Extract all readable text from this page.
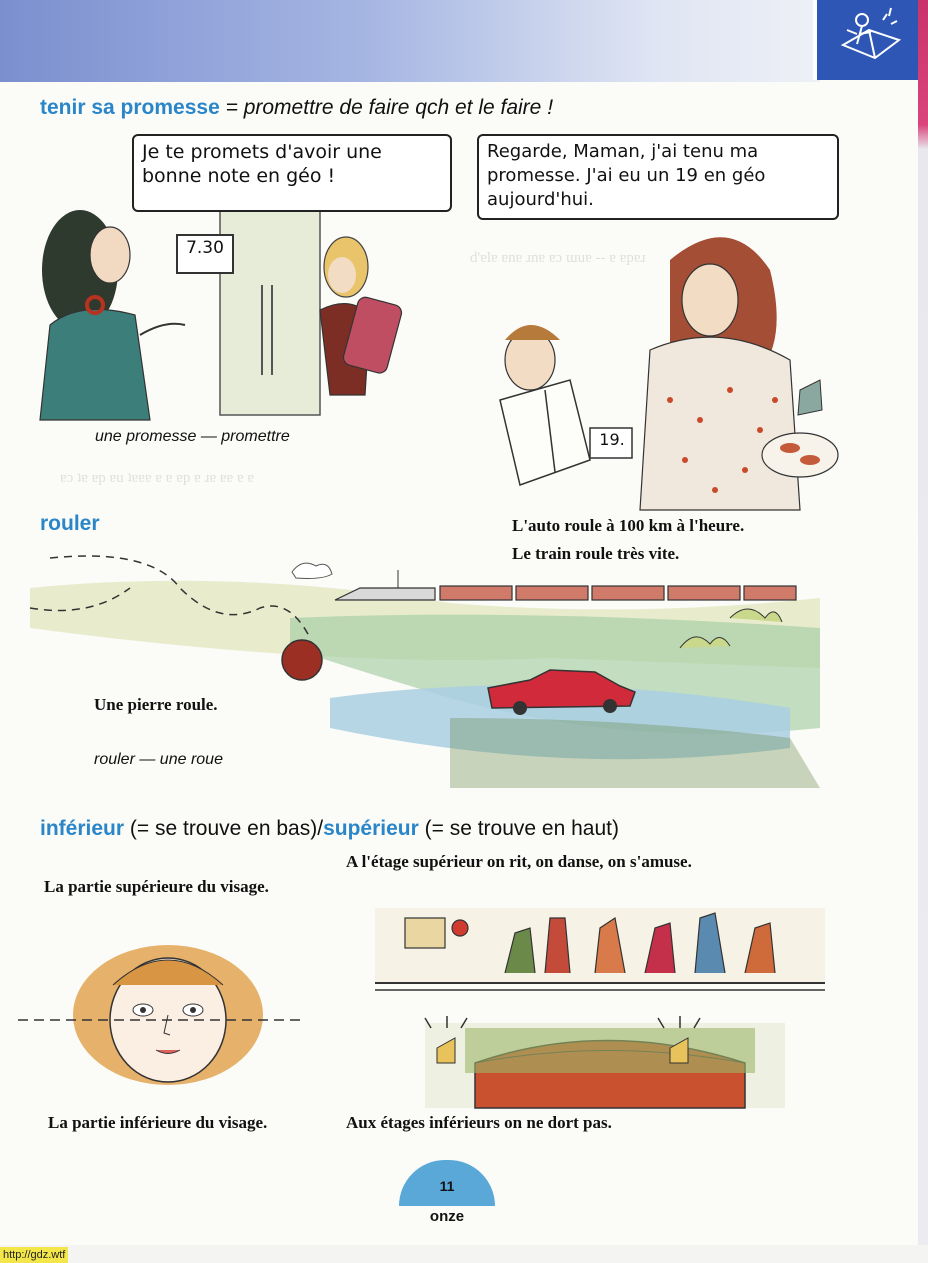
ԁ'ɐlɐ ɐnɐ ɹnɐ ɐɔ ɯuɐ -- ɐ ɐpɐɹ
ɐɔ ʇɐ ɐp ɐu ʇɐɐɐ ɐ ɐ ɐp ɐ ɹɐ ɐɐ ɐ ɐ
tenir sa promesse = promettre de faire qch et le faire !
Je te promets d'avoir une
bonne note en géo !
7.30
Regarde, Maman, j'ai tenu ma
promesse. J'ai eu un 19 en géo
aujourd'hui.
19.
une promesse — promettre
rouler	L'auto roule à 100 km à l'heure.
Le train roule très vite.
Une pierre roule.
rouler — une roue
inférieur (= se trouve en bas)/supérieur (= se trouve en haut)
A l'étage supérieur on rit, on danse, on s'amuse.
La partie supérieure du visage.
La partie inférieure du visage.	Aux étages inférieurs on ne dort pas.
11
onze
http://gdz.wtf
